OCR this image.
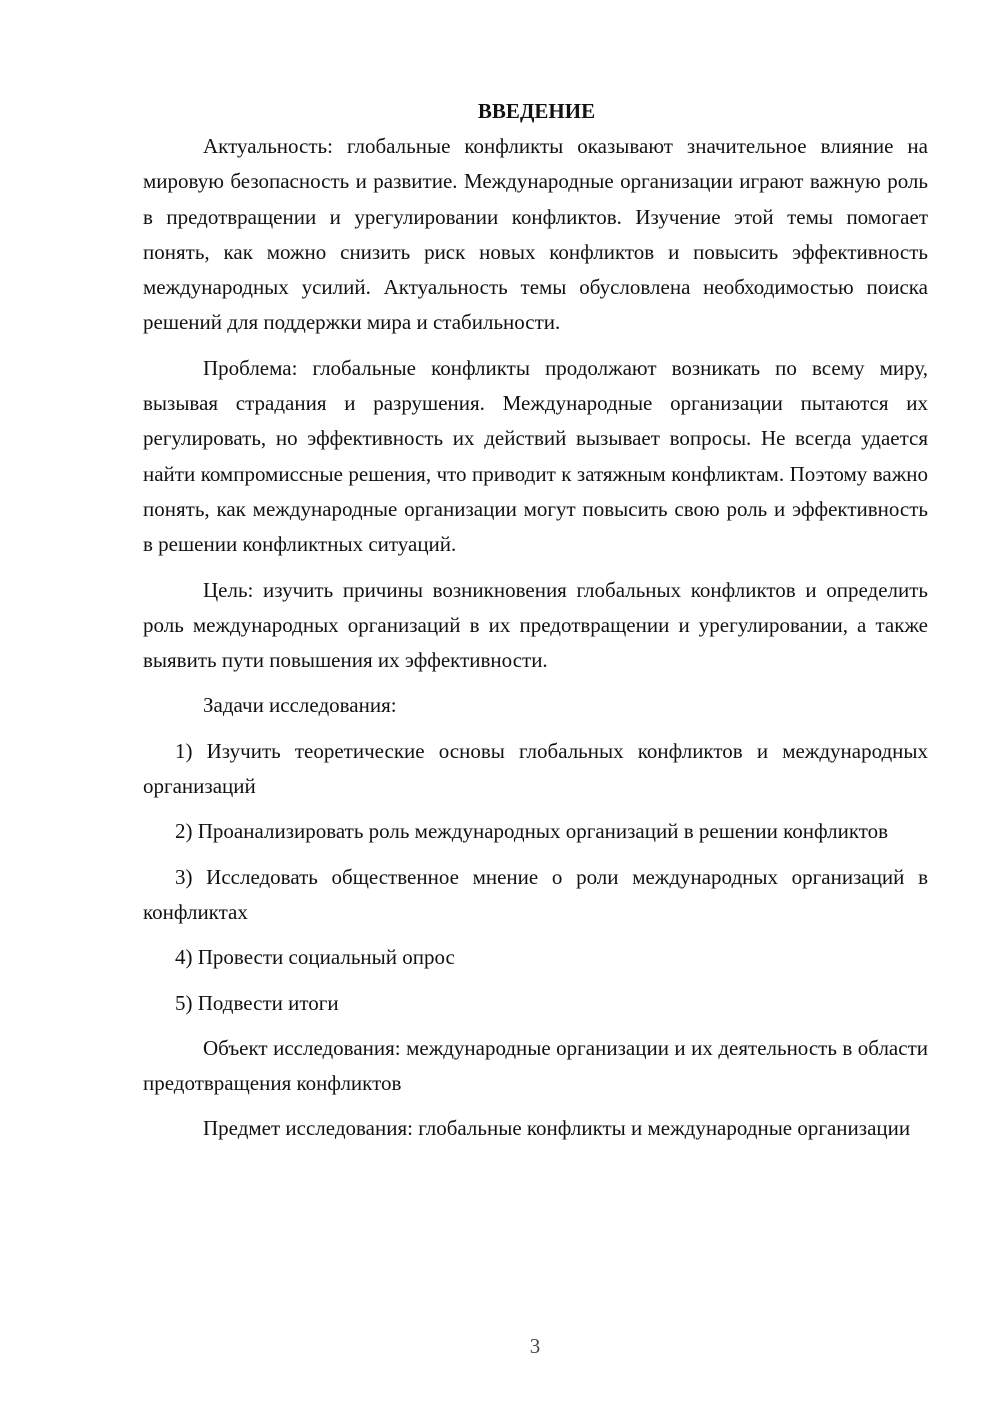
ВВЕДЕНИЕ

Актуальность: глобальные конфликты оказывают значительное влияние на мировую безопасность и развитие. Международные организации играют важную роль в предотвращении и урегулировании конфликтов. Изучение этой темы помогает понять, как можно снизить риск новых конфликтов и повысить эффективность международных усилий. Актуальность темы обусловлена необходимостью поиска решений для поддержки мира и стабильности.

Проблема: глобальные конфликты продолжают возникать по всему миру, вызывая страдания и разрушения. Международные организации пытаются их регулировать, но эффективность их действий вызывает вопросы. Не всегда удается найти компромиссные решения, что приводит к затяжным конфликтам. Поэтому важно понять, как международные организации могут повысить свою роль и эффективность в решении конфликтных ситуаций.

Цель: изучить причины возникновения глобальных конфликтов и определить роль международных организаций в их предотвращении и урегулировании, а также выявить пути повышения их эффективности.

Задачи исследования:

1) Изучить теоретические основы глобальных конфликтов и международных организаций

2) Проанализировать роль международных организаций в решении конфликтов

3) Исследовать общественное мнение о роли международных организаций в конфликтах

4) Провести социальный опрос

5) Подвести итоги

Объект исследования: международные организации и их деятельность в области предотвращения конфликтов

Предмет исследования: глобальные конфликты и международные организации

3
